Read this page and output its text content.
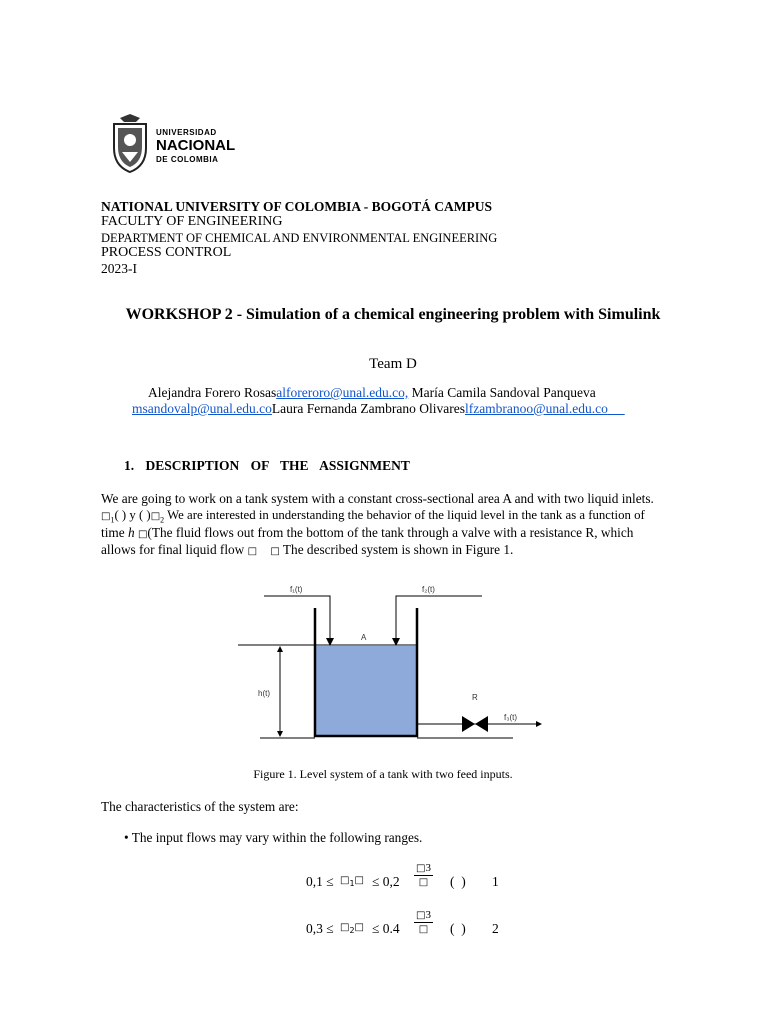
UNIVERSIDAD
NACIONAL
DE COLOMBIA
NATIONAL UNIVERSITY OF COLOMBIA - BOGOTÁ CAMPUS
FACULTY OF ENGINEERING
DEPARTMENT OF CHEMICAL AND ENVIRONMENTAL ENGINEERING
PROCESS CONTROL
2023-I
WORKSHOP 2 - Simulation of a chemical engineering problem with Simulink
Team D
Alejandra Forero Rosasalforeroro@unal.edu.co, María Camila Sandoval Panqueva
msandovalp@unal.edu.coLaura Fernanda Zambrano Olivareslfzambranoo@unal.edu.co
1. DESCRIPTION OF THE ASSIGNMENT
We are going to work on a tank system with a constant cross-sectional area A and with two liquid inlets.
$□_1$( ) y ( )$□_2$ We are interested in understanding the behavior of the liquid level in the tank as a function of
time h □(The fluid flows out from the bottom of the tank through a valve with a resistance R, which
allows for final liquid flow □ □ The described system is shown in Figure 1.
f₁(t)	f₂(t)
A
h(t)	R
f₃(t)
Figure 1. Level system of a tank with two feed inputs.
The characteristics of the system are:
• The input flows may vary within the following ranges.
$0,1 \le □_1□ \le 0,2$
□3
□	(  ) 1
$0,3 \le □_2□ \le 0.4$
□3
□	(  ) 2
